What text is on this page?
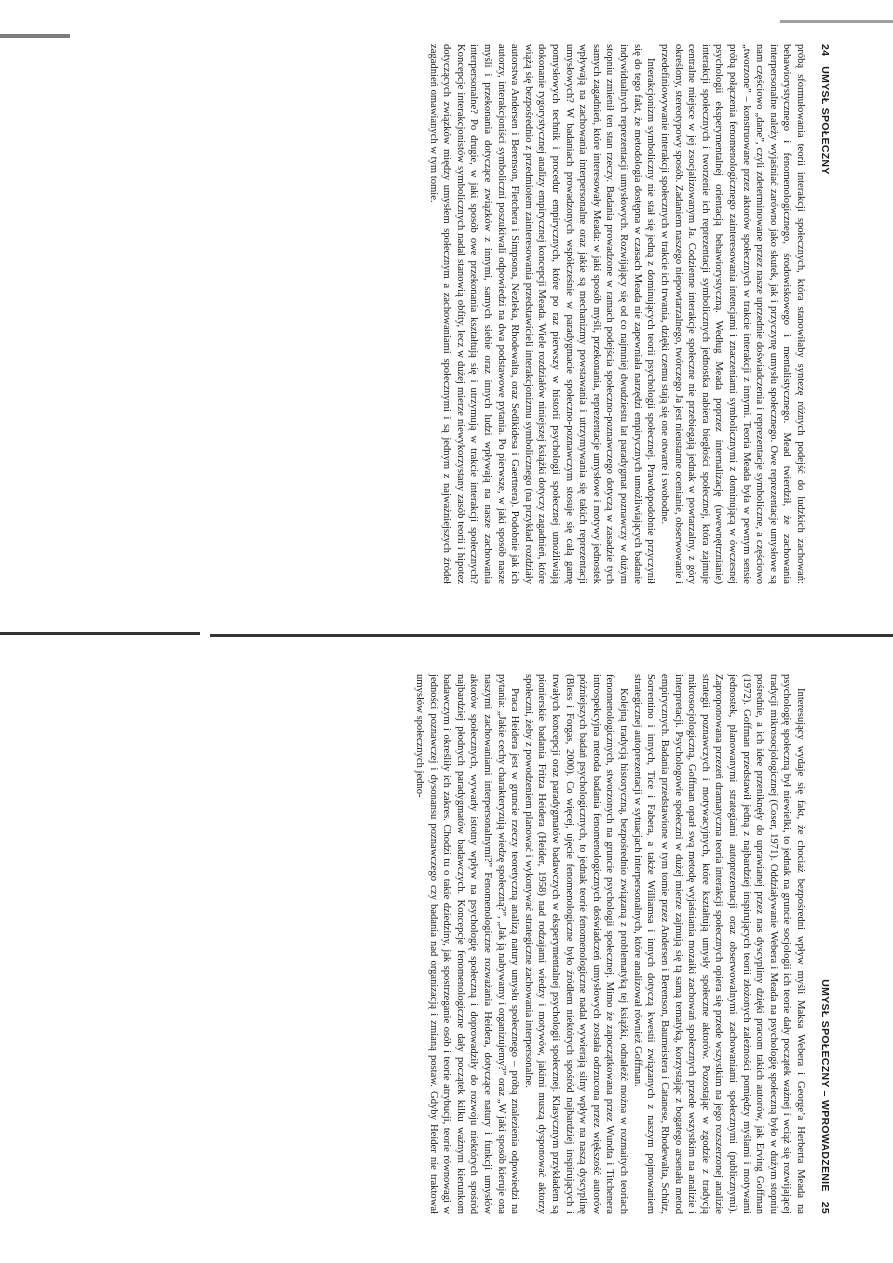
24
UMYSŁ SPOŁECZNY

próbą sformułowania teorii interakcji społecznych, która stanowiłaby syntezę różnych podejść do ludzkich zachowań: behawiorystycznego i fenomenologicznego, środowiskowego i mentalistycznego. Mead twierdził, że zachowania interpersonalne należy wyjaśniać zarówno jako skutek, jak i przyczynę umysłu społecznego. Owe reprezentacje umysłowe są nam częściowo „dane”, czyli zdeterminowane przez nasze uprzednie doświadczenia i reprezentacje symboliczne, a częściowo „tworzone” – konstruowane przez aktorów społecznych w trakcie interakcji z innymi. Teoria Meada była w pewnym sensie próbą połączenia fenomenologicznego zainteresowania intencjami i znaczeniami symbolicznymi z dominującą w ówczesnej psychologii eksperymentalnej orientacją behawiorystyczną. Według Meada poprzez internalizację (uwewnętrznianie) interakcji społecznych i tworzenie ich reprezentacji symbolicznych jednostka nabiera biegłości społecznej, która zajmuje centralne miejsce w jej zsocjalizowanym Ja. Codzienne interakcje społeczne nie przebiegają jednak w powtarzalny, z góry określony, stereotypowy sposób. Zadaniem naszego niepowtarzalnego, twórczego Ja jest nieustanne ocenianie, obserwowanie i przedefiniowywanie interakcji społecznych w trakcie ich trwania, dzięki czemu stają się one otwarte i swobodne.

Interakcjonizm symboliczny nie stał się jedną z dominujących teorii psychologii społecznej. Prawdopodobnie przyczynił się do tego fakt, że metodologia dostępna w czasach Meada nie zapewniała narzędzi empirycznych umożliwiających badanie indywidualnych reprezentacji umysłowych. Rozwijający się od co najmniej dwudziestu lat paradygmat poznawczy w dużym stopniu zmienił ten stan rzeczy. Badania prowadzone w ramach podejścia społeczno-poznawczego dotyczą w zasadzie tych samych zagadnień, które interesowały Meada: w jaki sposób myśli, przekonania, reprezentacje umysłowe i motywy jednostek wpływają na zachowania interpersonalne oraz jakie są mechanizmy powstawania i utrzymywania się takich reprezentacji umysłowych? W badaniach prowadzonych współcześnie w paradygmacie społeczno-poznawczym stosuje się całą gamę pomysłowych technik i procedur empirycznych, które po raz pierwszy w historii psychologii społecznej umożliwiają dokonanie rygorystycznej analizy empirycznej koncepcji Meada. Wiele rozdziałów niniejszej książki dotyczy zagadnień, które wiążą się bezpośrednio z przedmiotem zainteresowania przedstawicieli interakcjonizmu symbolicznego (na przykład rozdziały autorstwa Andersen i Berenson, Fletchera i Simpsona, Nezleka, Rhodewalta, oraz Sedikidesa i Gaertnera). Podobnie jak ich autorzy, interakcjoniści symboliczni poszukiwali odpowiedzi na dwa podstawowe pytania. Po pierwsze, w jaki sposób nasze myśli i przekonania dotyczące związków z innymi, samych siebie oraz innych ludzi wpływają na nasze zachowania interpersonalne? Po drugie, w jaki sposób owe przekonania kształtują się i utrzymują w trakcie interakcji społecznych? Koncepcje interakcjonistów symbolicznych nadal stanowią obfity, lecz w dużej mierze niewykorzystany zasób teorii i hipotez dotyczących związków między umysłem społecznym a zachowaniami społecznymi i są jednym z najważniejszych źródeł zagadnień omawianych w tym tomie.

UMYSŁ SPOŁECZNY – WPROWADZENIE
25

Interesujący wydaje się fakt, że chociaż bezpośredni wpływ myśli Maksa Webera i George’a Herberta Meada na psychologię społeczną był niewielki, to jednak na gruncie socjologii ich teorie dały początek ważnej i wciąż się rozwijającej tradycji mikrosocjologicznej (Coser, 1971). Oddziaływanie Webera i Meada na psychologię społeczną było w dużym stopniu pośrednie, a ich idee przeniknęły do uprawianej przez nas dyscypliny dzięki pracom takich autorów, jak Erving Goffman (1972). Goffman przedstawił jedną z najbardziej inspirujących teorii złożonych zależności pomiędzy myślami i motywami jednostek, planowanymi strategiami autoprezentacji oraz obserwowalnymi zachowaniami społecznymi (publicznymi). Zaproponowana przezeń dramatyczna teoria interakcji społecznych opiera się przede wszystkim na jego rozszerzonej analizie strategii poznawczych i motywacyjnych, które kształtują umysły społeczne aktorów. Pozostając w zgodzie z tradycją mikrosocjologiczną, Goffman oparł swą metodę wyjaśniania mozaiki zachowań społecznych przede wszystkim na analizie i interpretacji. Psychologowie społeczni w dużej mierze zajmują się tą samą tematyką, korzystając z bogatego arsenału metod empirycznych. Badania przedstawione w tym tomie przez Andersen i Berenson, Baumeistera i Catanese, Rhodewalta, Schütz, Sorrentino i innych, Tice i Fabera, a także Williamsa i innych dotyczą kwestii związanych z naszym pojmowaniem strategicznej autoprezentacji w sytuacjach interpersonalnych, które analizował również Goffman.

Kolejną tradycją historyczną, bezpośrednio związaną z problematyką tej książki, odnaleźć można w rozmaitych teoriach fenomenologicznych, stworzonych na gruncie psychologii społecznej. Mimo że zapoczątkowana przez Wundta i Titchenera introspekcyjna metoda badania fenomenologicznych doświadczeń umysłowych została odrzucona przez większość autorów późniejszych badań psychologicznych, to jednak teorie fenomenologiczne nadal wywierają silny wpływ na naszą dyscyplinę (Bless i Forgas, 2000). Co więcej, ujęcie fenomenologiczne było źródłem niektórych spośród najbardziej inspirujących i trwałych koncepcji oraz paradygmatów badawczych w eksperymentalnej psychologii społecznej. Klasycznym przykładem są pionierskie badania Fritza Heidera (Heider, 1958) nad rodzajami wiedzy i motywów, jakimi muszą dysponować aktorzy społeczni, żeby z powodzeniem planować i wykonywać strategiczne zachowania interpersonalne.

Praca Heidera jest w gruncie rzeczy teoretyczną analizą natury umysłu społecznego – próbą znalezienia odpowiedzi na pytania: „Jakie cechy charakteryzują wiedzę społeczną?”, „Jak ją nabywamy i organizujemy?” oraz „W jaki sposób kieruje ona naszymi zachowaniami interpersonalnymi?” Fenomenologiczne rozważania Heidera, dotyczące natury i funkcji umysłów aktorów społecznych, wywarły istotny wpływ na psychologię społeczną i doprowadziły do rozwoju niektórych spośród najbardziej płodnych paradygmatów badawczych. Koncepcje fenomenologiczne dały początek kilku ważnym kierunkom badawczym i określiły ich zakres. Chodzi tu o takie dziedziny, jak spostrzeganie osób i teorie atrybucji, teorie równowagi w jedności poznawczej i dysonansu poznawczego czy badania nad organizacją i zmianą postaw. Gdyby Heider nie traktował umysłów społecznych jedno-
